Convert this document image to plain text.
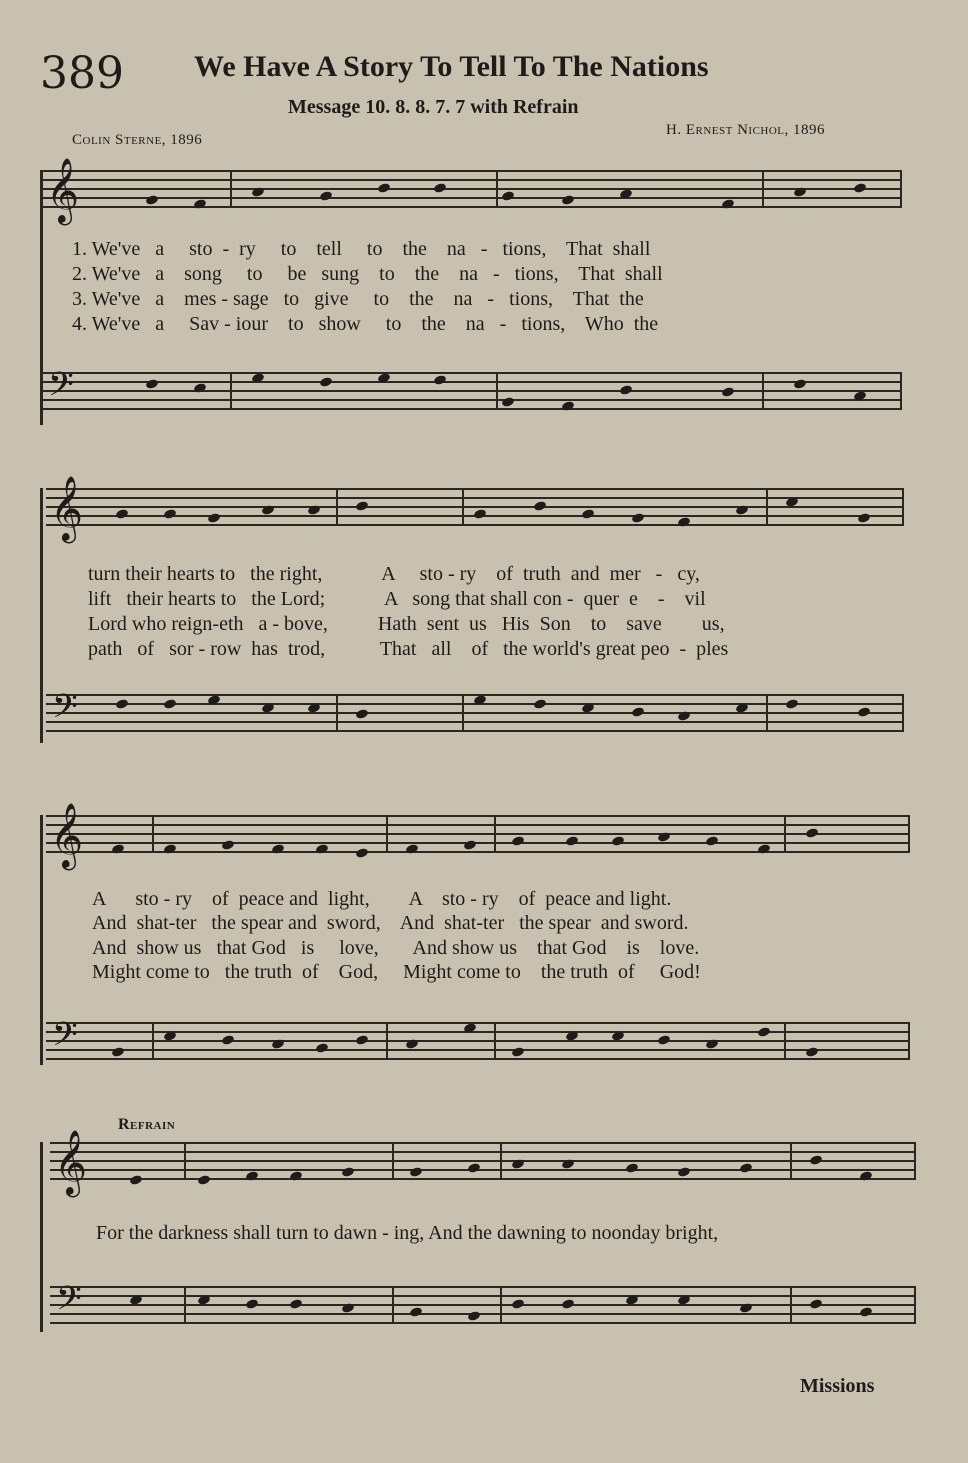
389 We Have A Story To Tell To The Nations
Message 10. 8. 8. 7. 7 with Refrain
Colin Sterne, 1896
H. Ernest Nichol, 1896
𝄞
1. We've   a     sto  -  ry     to    tell     to    the    na   -   tions,    That  shall
2. We've   a    song     to     be   sung    to    the    na   -   tions,    That  shall
3. We've   a    mes - sage   to   give     to    the    na   -   tions,    That  the
4. We've   a     Sav - iour    to   show     to    the    na   -   tions,    Who  the
𝄢
𝄞
turn their hearts to   the right,            A     sto - ry    of  truth  and  mer   -   cy,
lift   their hearts to   the Lord;            A   song that shall con -  quer  e    -    vil
Lord who reign-eth   a - bove,          Hath  sent  us   His  Son    to    save        us,
path   of   sor - row  has  trod,           That   all    of   the world's great peo  -  ples
𝄢
𝄞
A      sto - ry    of  peace and  light,        A    sto - ry    of  peace and light.
And  shat-ter   the spear and  sword,    And  shat-ter   the spear  and sword.
And  show us   that God   is     love,       And show us    that God    is    love.
Might come to   the truth  of    God,     Might come to    the truth  of     God!
𝄢
Refrain
𝄞
For the darkness shall turn to dawn - ing, And the dawning to noonday bright,
𝄢
Missions
